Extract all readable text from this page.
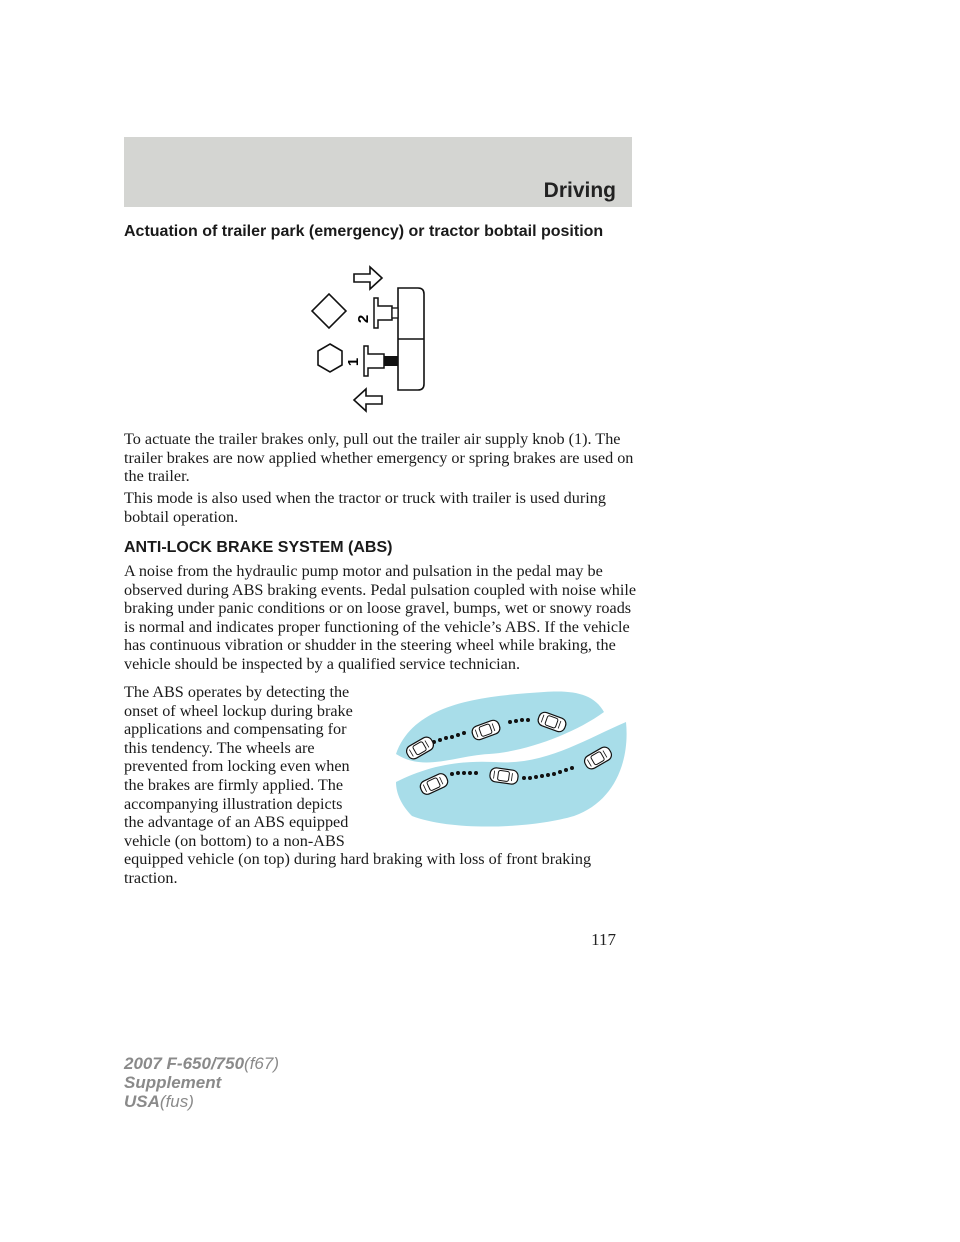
Driving
Actuation of trailer park (emergency) or tractor bobtail position
2
1

To actuate the trailer brakes only, pull out the trailer air supply knob (1). The trailer brakes are now applied whether emergency or spring brakes are used on the trailer.

This mode is also used when the tractor or truck with trailer is used during bobtail operation.

ANTI-LOCK BRAKE SYSTEM (ABS)

A noise from the hydraulic pump motor and pulsation in the pedal may be observed during ABS braking events. Pedal pulsation coupled with noise while braking under panic conditions or on loose gravel, bumps, wet or snowy roads is normal and indicates proper functioning of the vehicle’s ABS. If the vehicle has continuous vibration or shudder in the steering wheel while braking, the vehicle should be inspected by a qualified service technician.

The ABS operates by detecting the
onset of wheel lockup during brake
applications and compensating for
this tendency. The wheels are
prevented from locking even when
the brakes are firmly applied. The
accompanying illustration depicts
the advantage of an ABS equipped
vehicle (on bottom) to a non-ABS
equipped vehicle (on top) during hard braking with loss of front braking
traction.
117
2007 F-650/750(f67)
Supplement
USA(fus)
